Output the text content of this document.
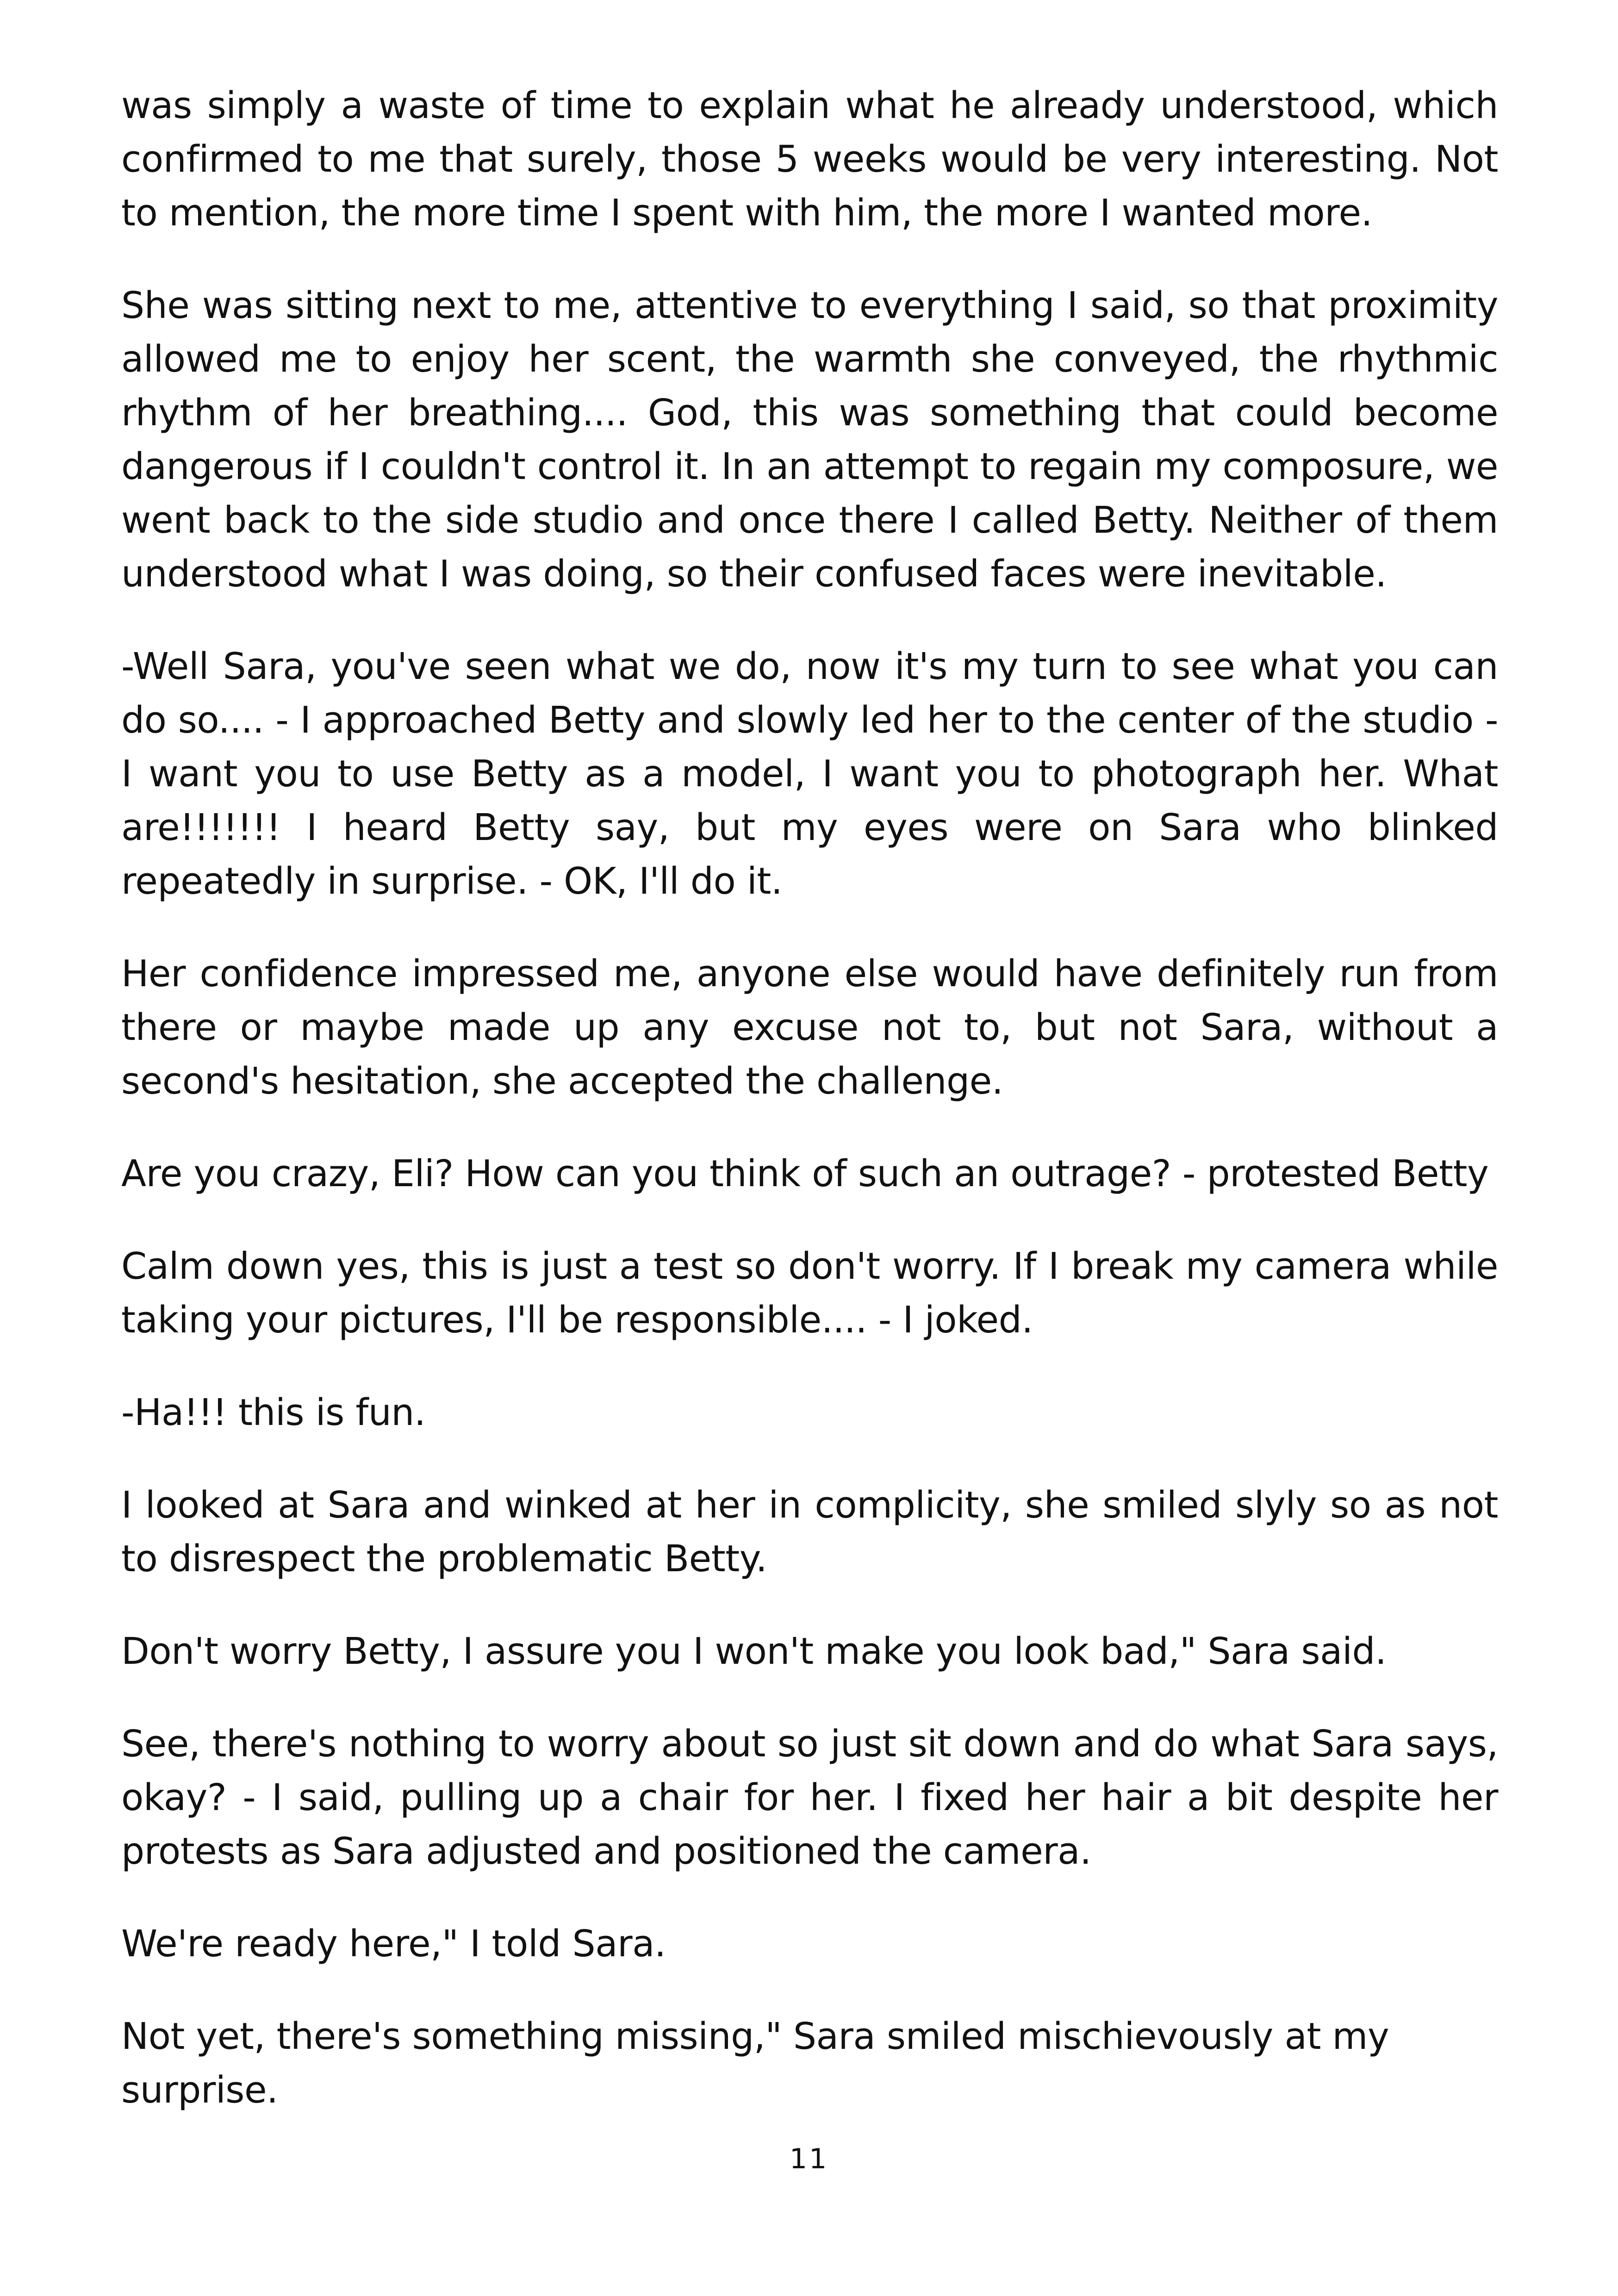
was simply a waste of time to explain what he already understood, which confirmed to me that surely, those 5 weeks would be very interesting. Not to mention, the more time I spent with him, the more I wanted more.

She was sitting next to me, attentive to everything I said, so that proximity allowed me to enjoy her scent, the warmth she conveyed, the rhythmic rhythm of her breathing.... God, this was something that could become dangerous if I couldn't control it. In an attempt to regain my composure, we went back to the side studio and once there I called Betty. Neither of them understood what I was doing, so their confused faces were inevitable.

-Well Sara, you've seen what we do, now it's my turn to see what you can do so.... - I approached Betty and slowly led her to the center of the studio -I want you to use Betty as a model, I want you to photograph her. What are!!!!!!! I heard Betty say, but my eyes were on Sara who blinked repeatedly in surprise. - OK, I'll do it.

Her confidence impressed me, anyone else would have definitely run from there or maybe made up any excuse not to, but not Sara, without a second's hesitation, she accepted the challenge.

Are you crazy, Eli? How can you think of such an outrage? - protested Betty

Calm down yes, this is just a test so don't worry. If I break my camera while taking your pictures, I'll be responsible.... - I joked.

-Ha!!! this is fun.

I looked at Sara and winked at her in complicity, she smiled slyly so as not to disrespect the problematic Betty.

Don't worry Betty, I assure you I won't make you look bad," Sara said.

See, there's nothing to worry about so just sit down and do what Sara says, okay? - I said, pulling up a chair for her. I fixed her hair a bit despite her protests as Sara adjusted and positioned the camera.

We're ready here," I told Sara.

Not yet, there's something missing," Sara smiled mischievously at my surprise.

11
